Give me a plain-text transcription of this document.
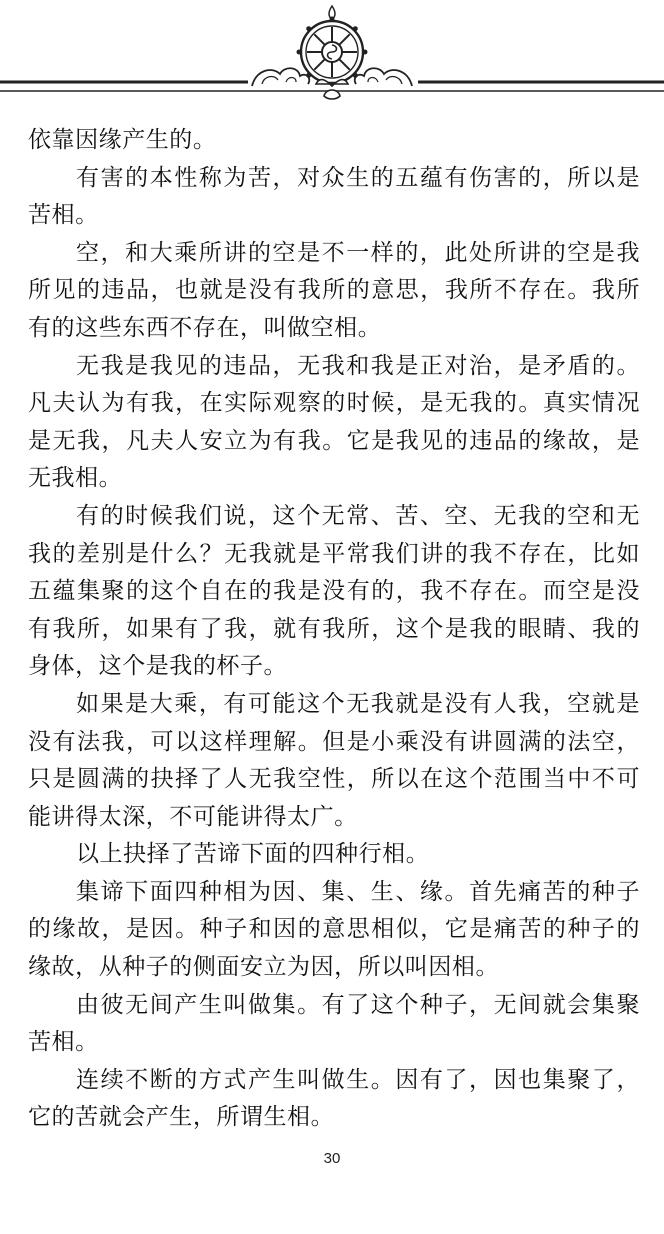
依靠因缘产生的。

有害的本性称为苦，对众生的五蕴有伤害的，所以是苦相。

空，和大乘所讲的空是不一样的，此处所讲的空是我所见的违品，也就是没有我所的意思，我所不存在。我所有的这些东西不存在，叫做空相。

无我是我见的违品，无我和我是正对治，是矛盾的。凡夫认为有我，在实际观察的时候，是无我的。真实情况是无我，凡夫人安立为有我。它是我见的违品的缘故，是无我相。

有的时候我们说，这个无常、苦、空、无我的空和无我的差别是什么？无我就是平常我们讲的我不存在，比如五蕴集聚的这个自在的我是没有的，我不存在。而空是没有我所，如果有了我，就有我所，这个是我的眼睛、我的身体，这个是我的杯子。

如果是大乘，有可能这个无我就是没有人我，空就是没有法我，可以这样理解。但是小乘没有讲圆满的法空，只是圆满的抉择了人无我空性，所以在这个范围当中不可能讲得太深，不可能讲得太广。

以上抉择了苦谛下面的四种行相。

集谛下面四种相为因、集、生、缘。首先痛苦的种子的缘故，是因。种子和因的意思相似，它是痛苦的种子的缘故，从种子的侧面安立为因，所以叫因相。

由彼无间产生叫做集。有了这个种子，无间就会集聚苦相。

连续不断的方式产生叫做生。因有了，因也集聚了，它的苦就会产生，所谓生相。

30
